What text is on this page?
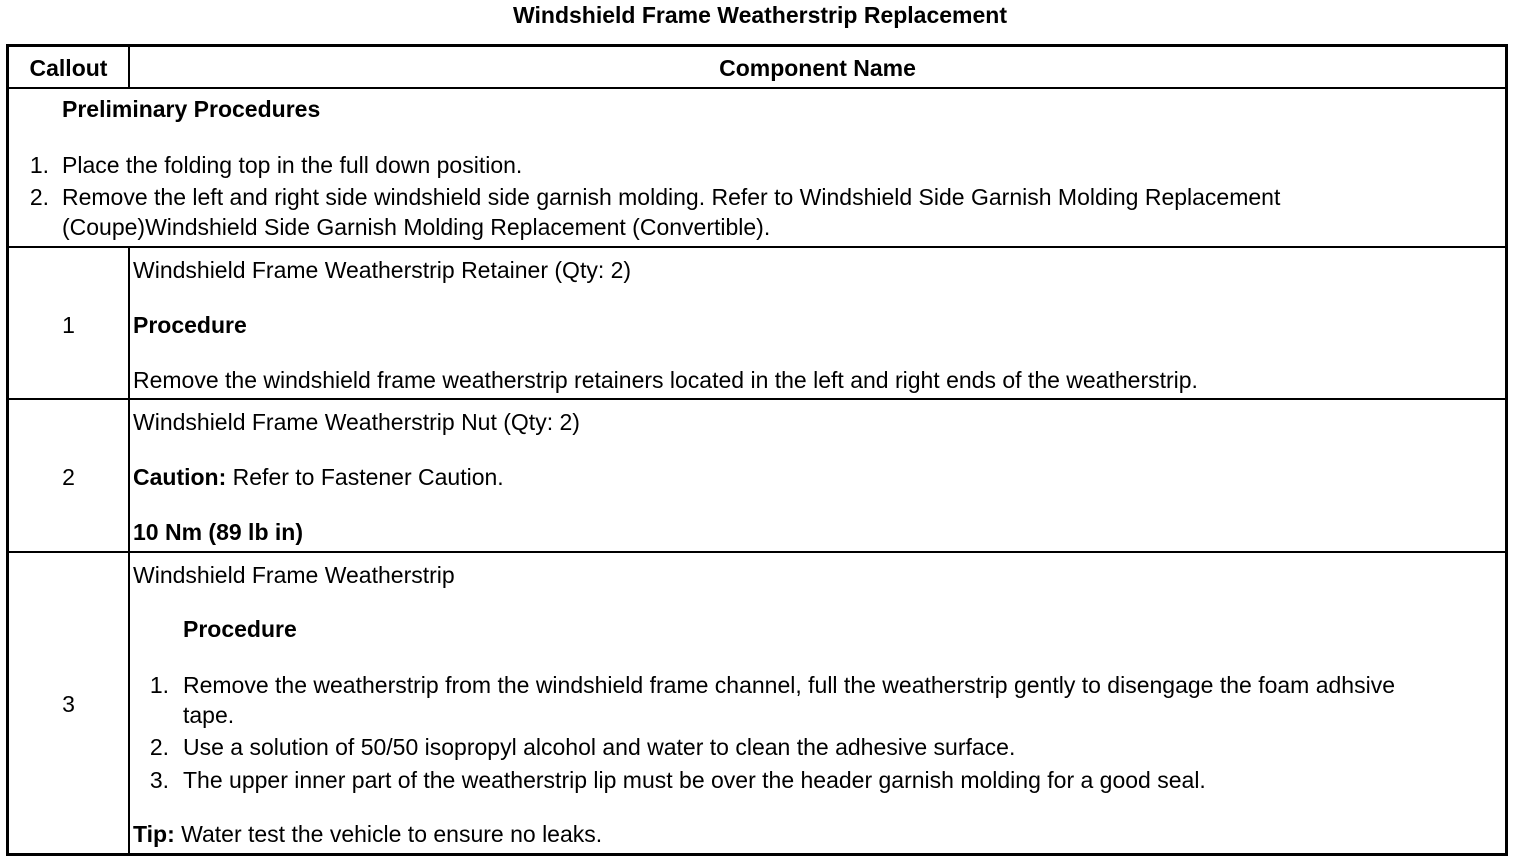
Windshield Frame Weatherstrip Replacement
Callout	Component Name
Preliminary Procedures
1. Place the folding top in the full down position.
2. Remove the left and right side windshield side garnish molding. Refer to Windshield Side Garnish Molding Replacement
(Coupe)Windshield Side Garnish Molding Replacement (Convertible).
1
Windshield Frame Weatherstrip Retainer (Qty: 2)
Procedure
Remove the windshield frame weatherstrip retainers located in the left and right ends of the weatherstrip.
2
Windshield Frame Weatherstrip Nut (Qty: 2)
Caution: Refer to Fastener Caution.
10 Nm (89 lb in)
3
Windshield Frame Weatherstrip
Procedure
1. Remove the weatherstrip from the windshield frame channel, full the weatherstrip gently to disengage the foam adhsive
tape.
2. Use a solution of 50/50 isopropyl alcohol and water to clean the adhesive surface.
3. The upper inner part of the weatherstrip lip must be over the header garnish molding for a good seal.
Tip: Water test the vehicle to ensure no leaks.
